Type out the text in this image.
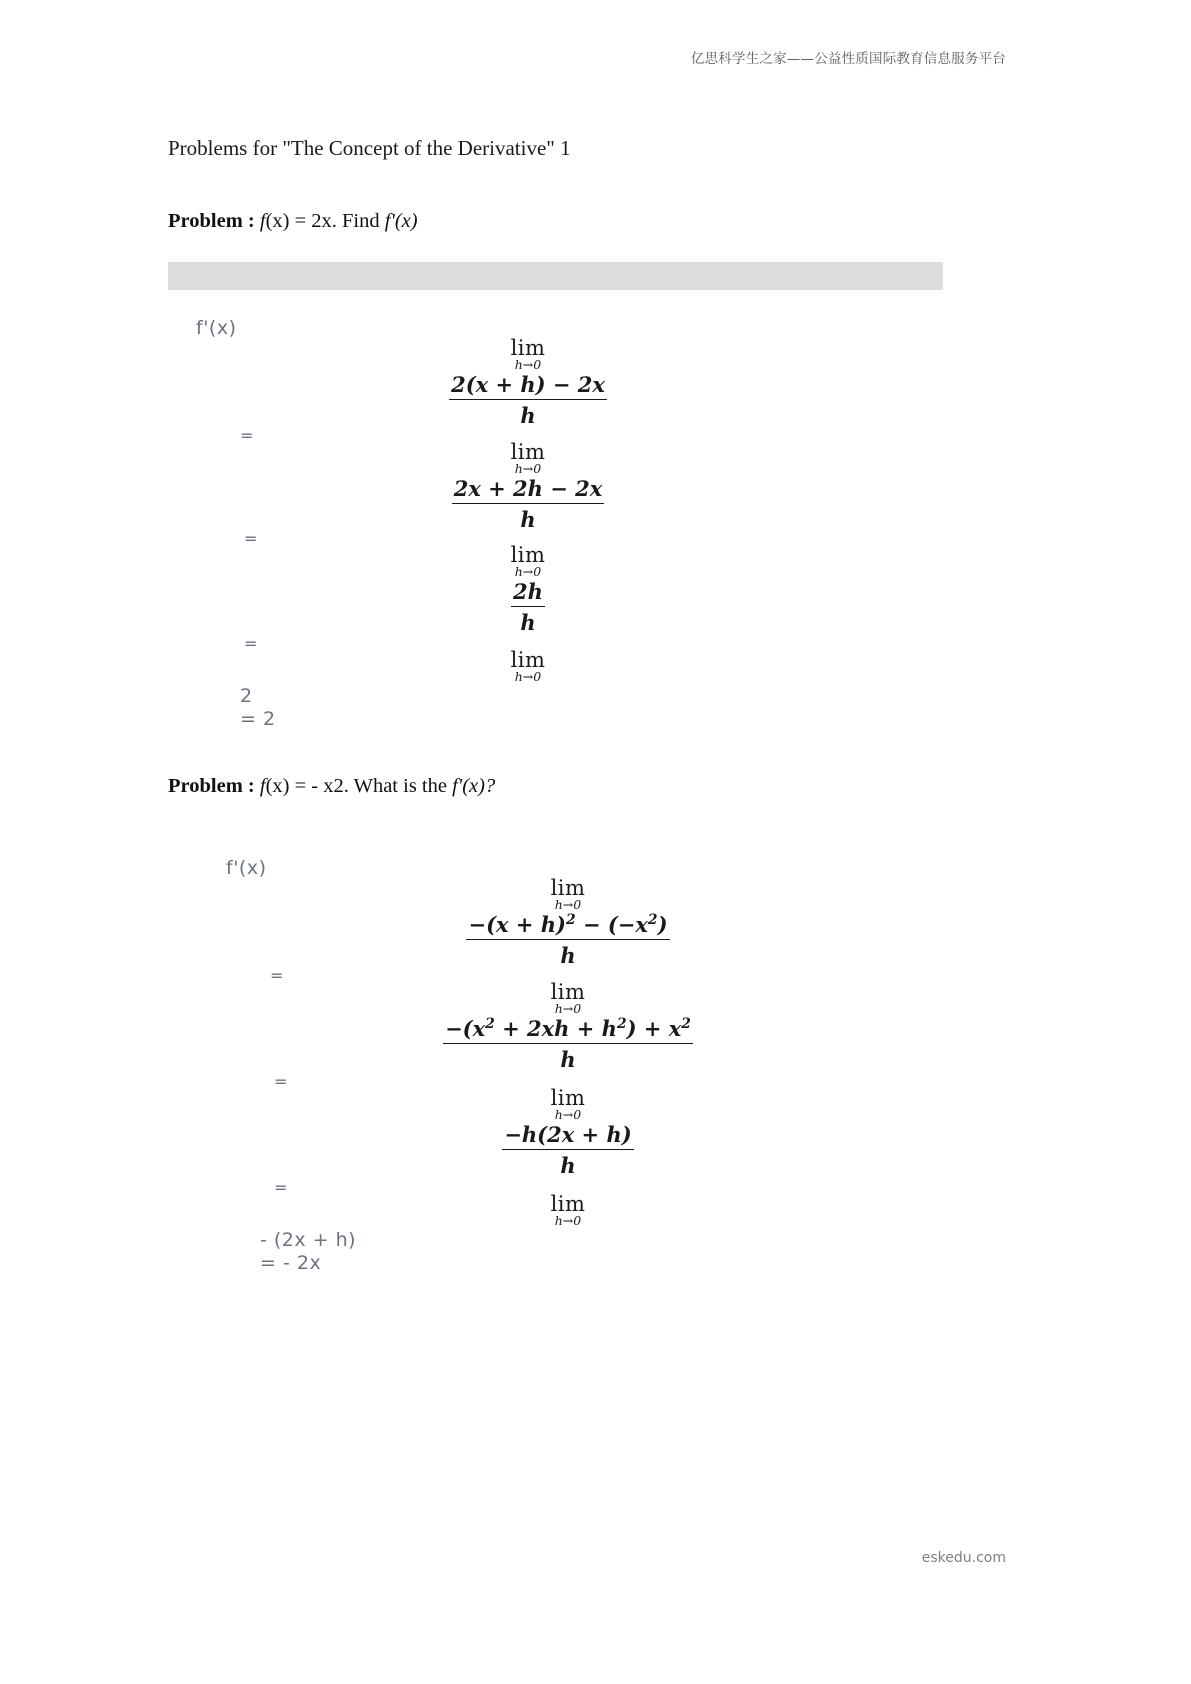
亿思科学生之家——公益性质国际教育信息服务平台
Problems for "The Concept of the Derivative" 1
Problem : f(x) = 2x. Find f'(x)
f'(x)
lim
h→0
$\frac{2(x + h) - 2x}{h}$
=
lim
h→0
$\frac{2x + 2h - 2x}{h}$
=
lim
h→0
$\frac{2h}{h}$
=
lim
h→0
2
= 2
Problem : f(x) = - x2. What is the f'(x)?
f'(x)
lim
h→0
$\frac{-(x + h)^2 - (-x^2)}{h}$
=
lim
h→0
$\frac{-(x^2 + 2xh + h^2) + x^2}{h}$
=
lim
h→0
$\frac{-h(2x + h)}{h}$
=
lim
h→0
- (2x + h)
= - 2x
eskedu.com
